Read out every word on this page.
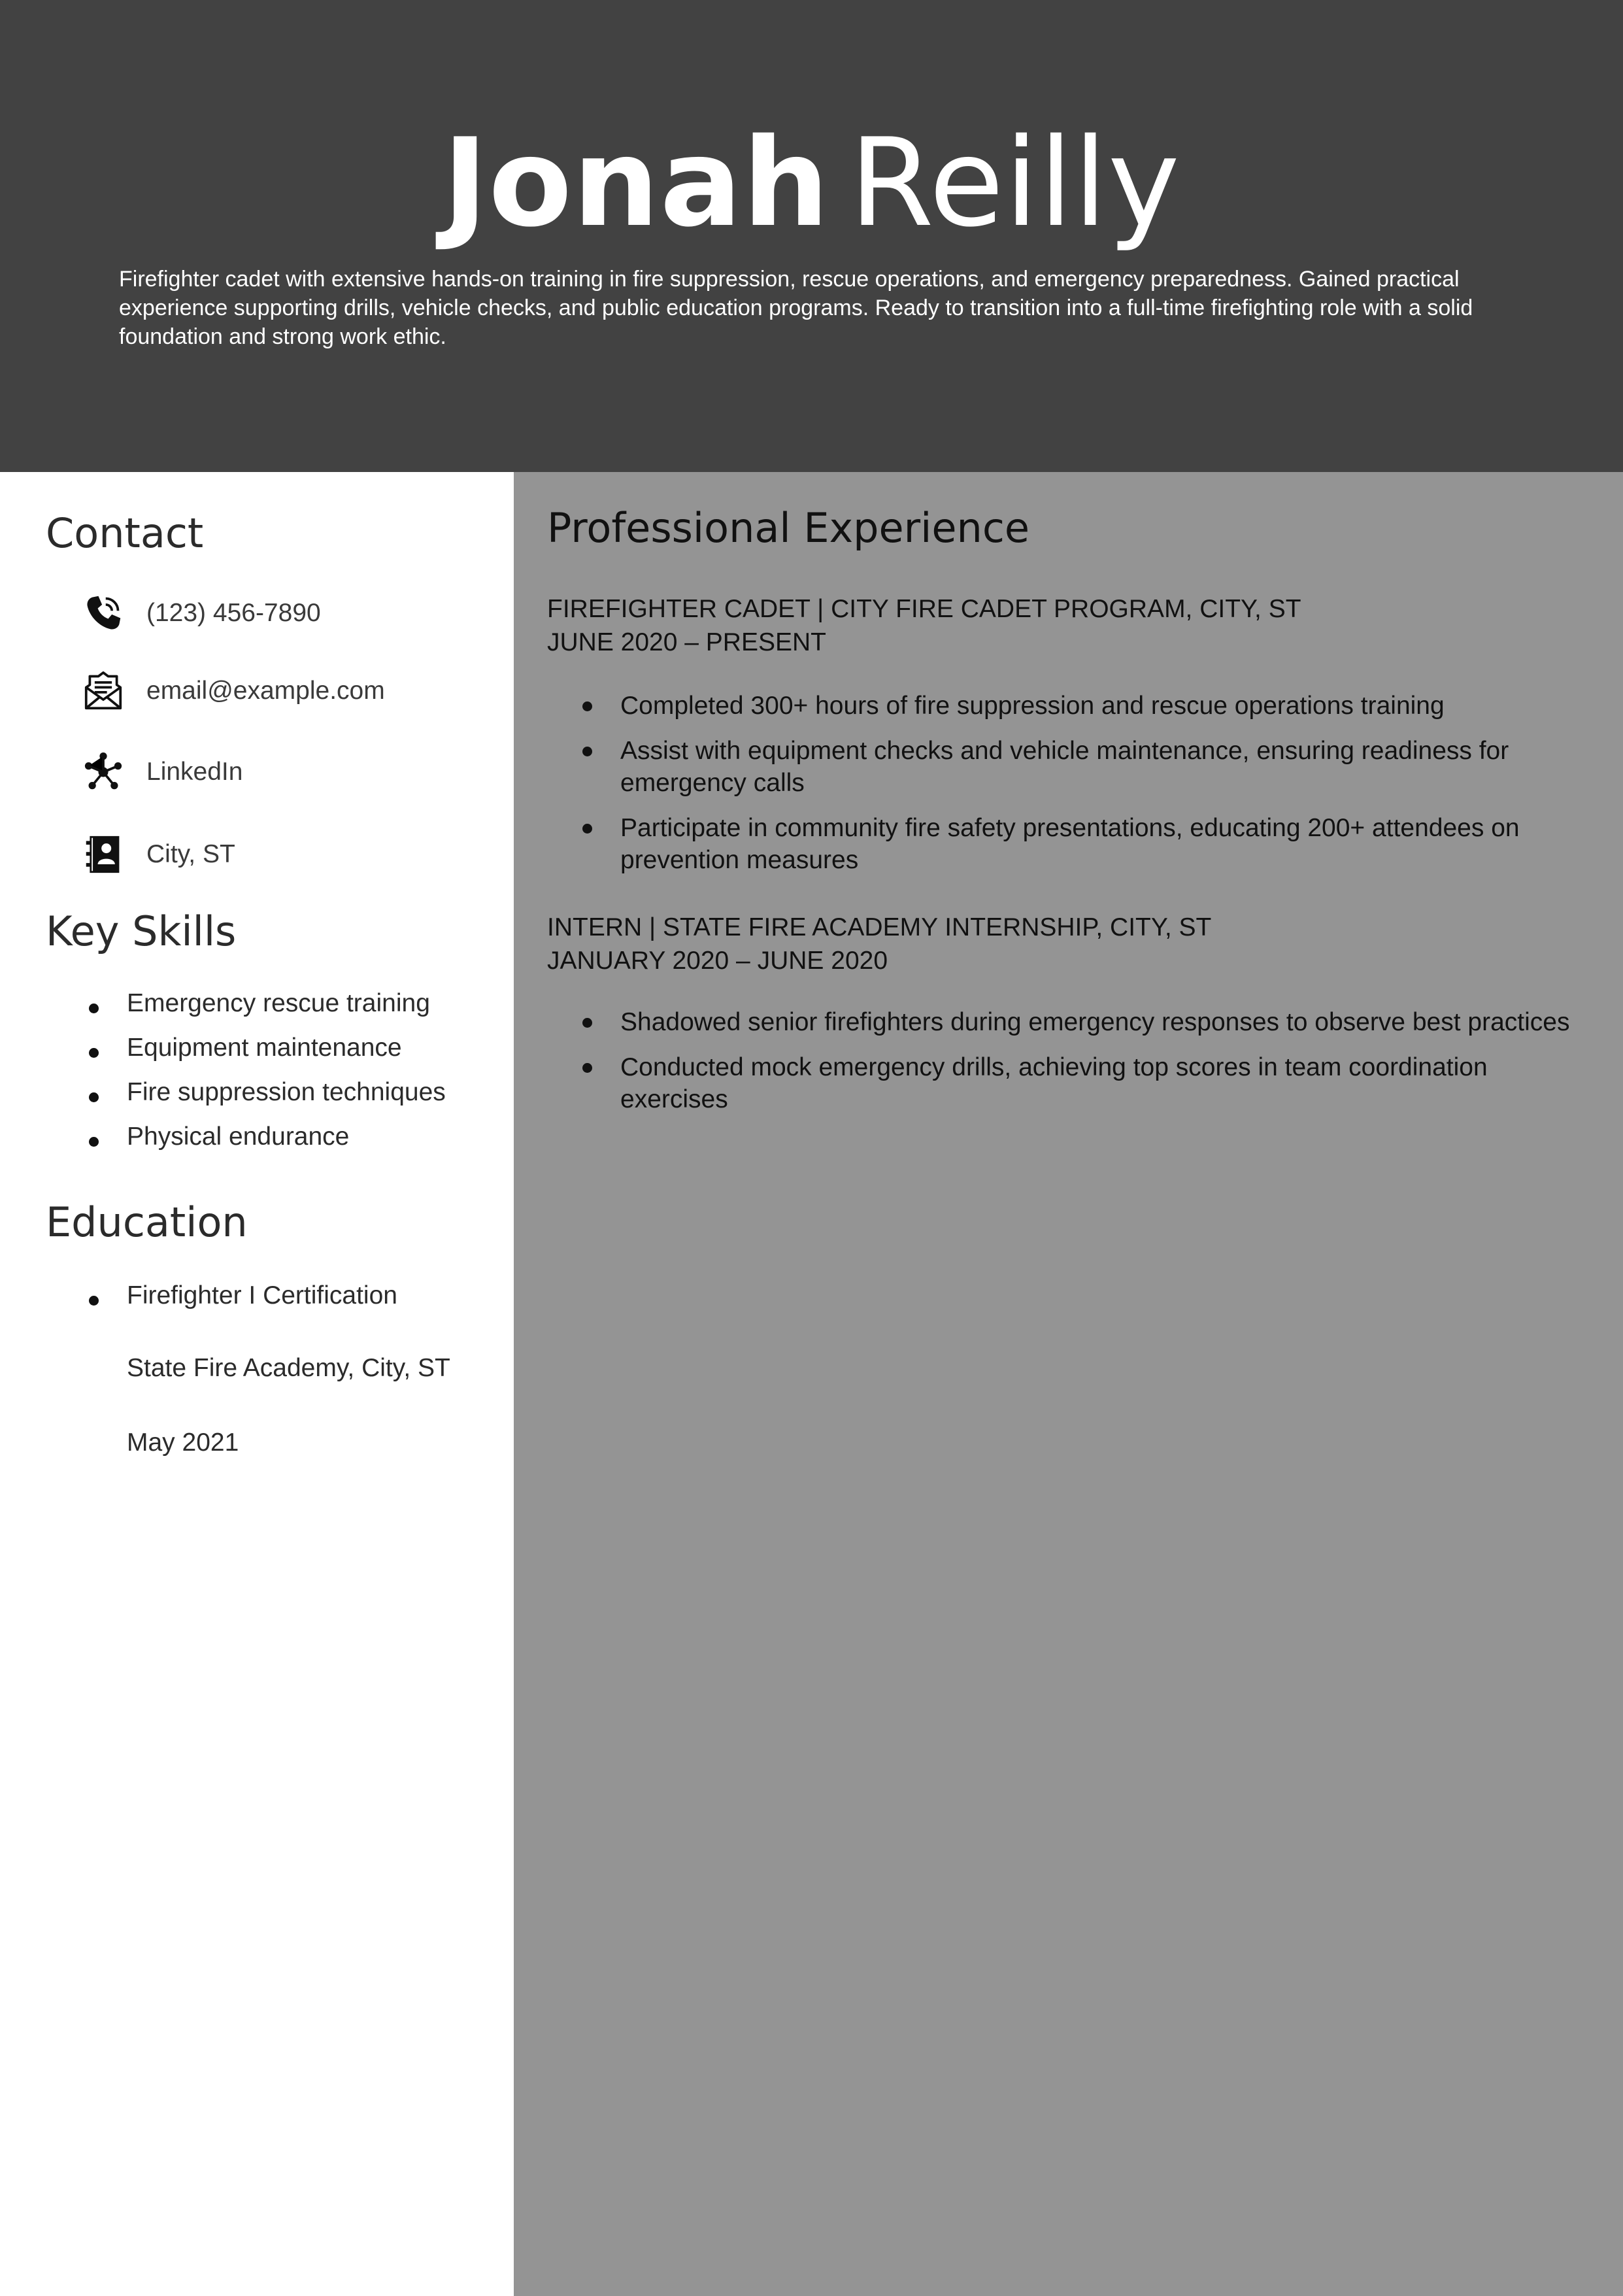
Jonah Reilly
Firefighter cadet with extensive hands-on training in fire suppression, rescue operations, and emergency preparedness. Gained practical experience supporting drills, vehicle checks, and public education programs. Ready to transition into a full-time firefighting role with a solid foundation and strong work ethic.
Contact
(123) 456-7890
email@example.com
LinkedIn
City, ST
Key Skills
Emergency rescue training
Equipment maintenance
Fire suppression techniques
Physical endurance
Education
Firefighter I Certification
State Fire Academy, City, ST
May 2021
Professional Experience
FIREFIGHTER CADET | CITY FIRE CADET PROGRAM, CITY, ST
JUNE 2020 – PRESENT
Completed 300+ hours of fire suppression and rescue operations training
Assist with equipment checks and vehicle maintenance, ensuring readiness for emergency calls
Participate in community fire safety presentations, educating 200+ attendees on prevention measures
INTERN | STATE FIRE ACADEMY INTERNSHIP, CITY, ST
JANUARY 2020 – JUNE 2020
Shadowed senior firefighters during emergency responses to observe best practices
Conducted mock emergency drills, achieving top scores in team coordination exercises
